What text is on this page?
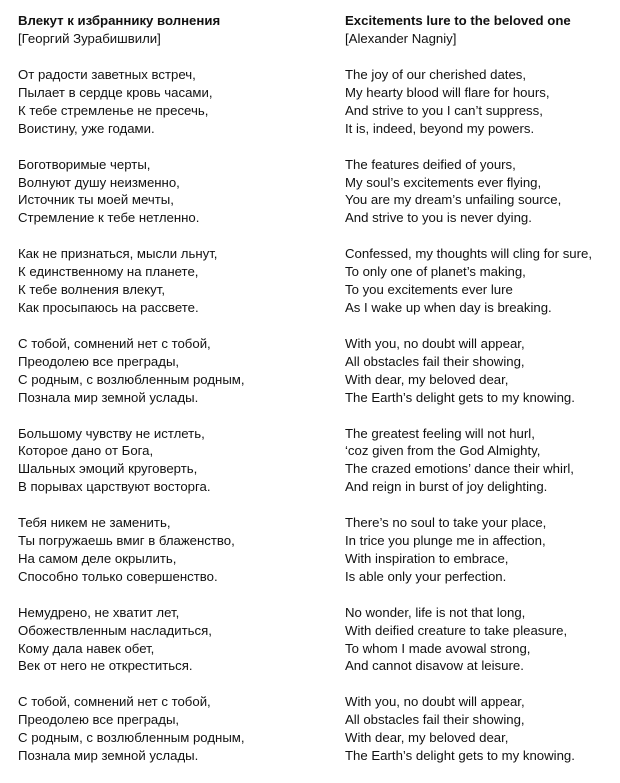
Влекут к избраннику волнения
[Георгий Зурабишвили]
От радости заветных встреч,
Пылает в сердце кровь часами,
К тебе стремленье не пресечь,
Воистину, уже годами.
Боготворимые черты,
Волнуют душу неизменно,
Источник ты моей мечты,
Стремление к тебе нетленно.
Как не признаться, мысли льнут,
К единственному на планете,
К тебе волнения влекут,
Как просыпаюсь на рассвете.
С тобой, сомнений нет с тобой,
Преодолею все преграды,
С родным, с возлюбленным родным,
Познала мир земной услады.
Большому чувству не истлеть,
Которое дано от Бога,
Шальных эмоций круговерть,
В порывах царствуют восторга.
Тебя никем не заменить,
Ты погружаешь вмиг в блаженство,
На самом деле окрылить,
Способно только совершенство.
Немудрено, не хватит лет,
Обожествленным насладиться,
Кому дала навек обет,
Век от него не откреститься.
С тобой, сомнений нет с тобой,
Преодолею все преграды,
С родным, с возлюбленным родным,
Познала мир земной услады.
Excitements lure to the beloved one
[Alexander Nagniy]
The joy of our cherished dates,
My hearty blood will flare for hours,
And strive to you I can’t suppress,
It is, indeed, beyond my powers.
The features deified of yours,
My soul’s excitements ever flying,
You are my dream’s unfailing source,
And strive to you is never dying.
Confessed, my thoughts will cling for sure,
To only one of planet’s making,
To you excitements ever lure
As I wake up when day is breaking.
With you, no doubt will appear,
All obstacles fail their showing,
With dear, my beloved dear,
The Earth’s delight gets to my knowing.
The greatest feeling will not hurl,
‘coz given from the God Almighty,
The crazed emotions’ dance their whirl,
And reign in burst of joy delighting.
There’s no soul to take your place,
In trice you plunge me in affection,
With inspiration to embrace,
Is able only your perfection.
No wonder, life is not that long,
With deified creature to take pleasure,
To whom I made avowal strong,
And cannot disavow at leisure.
With you, no doubt will appear,
All obstacles fail their showing,
With dear, my beloved dear,
The Earth’s delight gets to my knowing.
